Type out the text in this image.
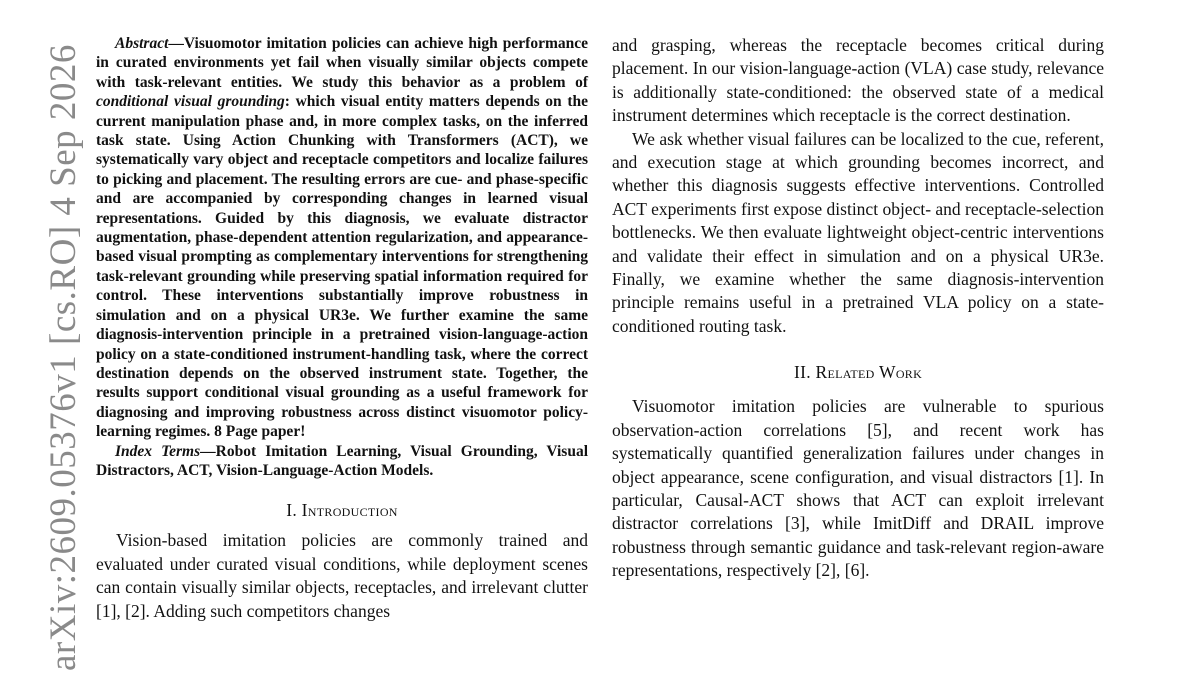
arXiv:2609.05376v1 [cs.RO] 4 Sep 2026

Abstract—Visuomotor imitation policies can achieve high performance in curated environments yet fail when visually similar objects compete with task-relevant entities. We study this behavior as a problem of conditional visual grounding: which visual entity matters depends on the current manipulation phase and, in more complex tasks, on the inferred task state. Using Action Chunking with Transformers (ACT), we systematically vary object and receptacle competitors and localize failures to picking and placement. The resulting errors are cue- and phase-specific and are accompanied by corresponding changes in learned visual representations. Guided by this diagnosis, we evaluate distractor augmentation, phase-dependent attention regularization, and appearance-based visual prompting as complementary interventions for strengthening task-relevant grounding while preserving spatial information required for control. These interventions substantially improve robustness in simulation and on a physical UR3e. We further examine the same diagnosis-intervention principle in a pretrained vision-language-action policy on a state-conditioned instrument-handling task, where the correct destination depends on the observed instrument state. Together, the results support conditional visual grounding as a useful framework for diagnosing and improving robustness across distinct visuomotor policy-learning regimes. 8 Page paper!

Index Terms—Robot Imitation Learning, Visual Grounding, Visual Distractors, ACT, Vision-Language-Action Models.

I. Introduction

Vision-based imitation policies are commonly trained and evaluated under curated visual conditions, while deployment scenes can contain visually similar objects, receptacles, and irrelevant clutter [1], [2]. Adding such competitors changes

and grasping, whereas the receptacle becomes critical during placement. In our vision-language-action (VLA) case study, relevance is additionally state-conditioned: the observed state of a medical instrument determines which receptacle is the correct destination.

We ask whether visual failures can be localized to the cue, referent, and execution stage at which grounding becomes incorrect, and whether this diagnosis suggests effective interventions. Controlled ACT experiments first expose distinct object- and receptacle-selection bottlenecks. We then evaluate lightweight object-centric interventions and validate their effect in simulation and on a physical UR3e. Finally, we examine whether the same diagnosis-intervention principle remains useful in a pretrained VLA policy on a state-conditioned routing task.

II. Related Work

Visuomotor imitation policies are vulnerable to spurious observation-action correlations [5], and recent work has systematically quantified generalization failures under changes in object appearance, scene configuration, and visual distractors [1]. In particular, Causal-ACT shows that ACT can exploit irrelevant distractor correlations [3], while ImitDiff and DRAIL improve robustness through semantic guidance and task-relevant region-aware representations, respectively [2], [6].
